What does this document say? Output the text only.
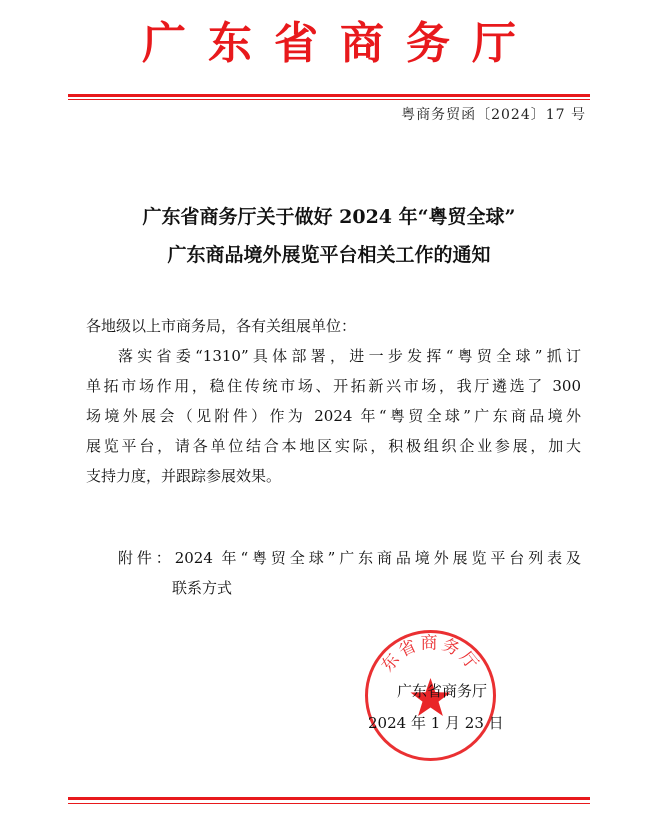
广东省商务厅
粤商务贸函〔2024〕17 号
广东省商务厅关于做好 2024 年“粤贸全球”
广东商品境外展览平台相关工作的通知
各地级以上市商务局，各有关组展单位：
落实省委“1310”具体部署，进一步发挥“粤贸全球”抓订
单拓市场作用，稳住传统市场、开拓新兴市场，我厅遴选了 300
场境外展会（见附件）作为 2024 年“粤贸全球”广东商品境外
展览平台，请各单位结合本地区实际，积极组织企业参展，加大
支持力度，并跟踪参展效果。
附件：2024 年“粤贸全球”广东商品境外展览平台列表及
联系方式
东省商务厅
广东省商务厅
2024 年 1 月 23 日
